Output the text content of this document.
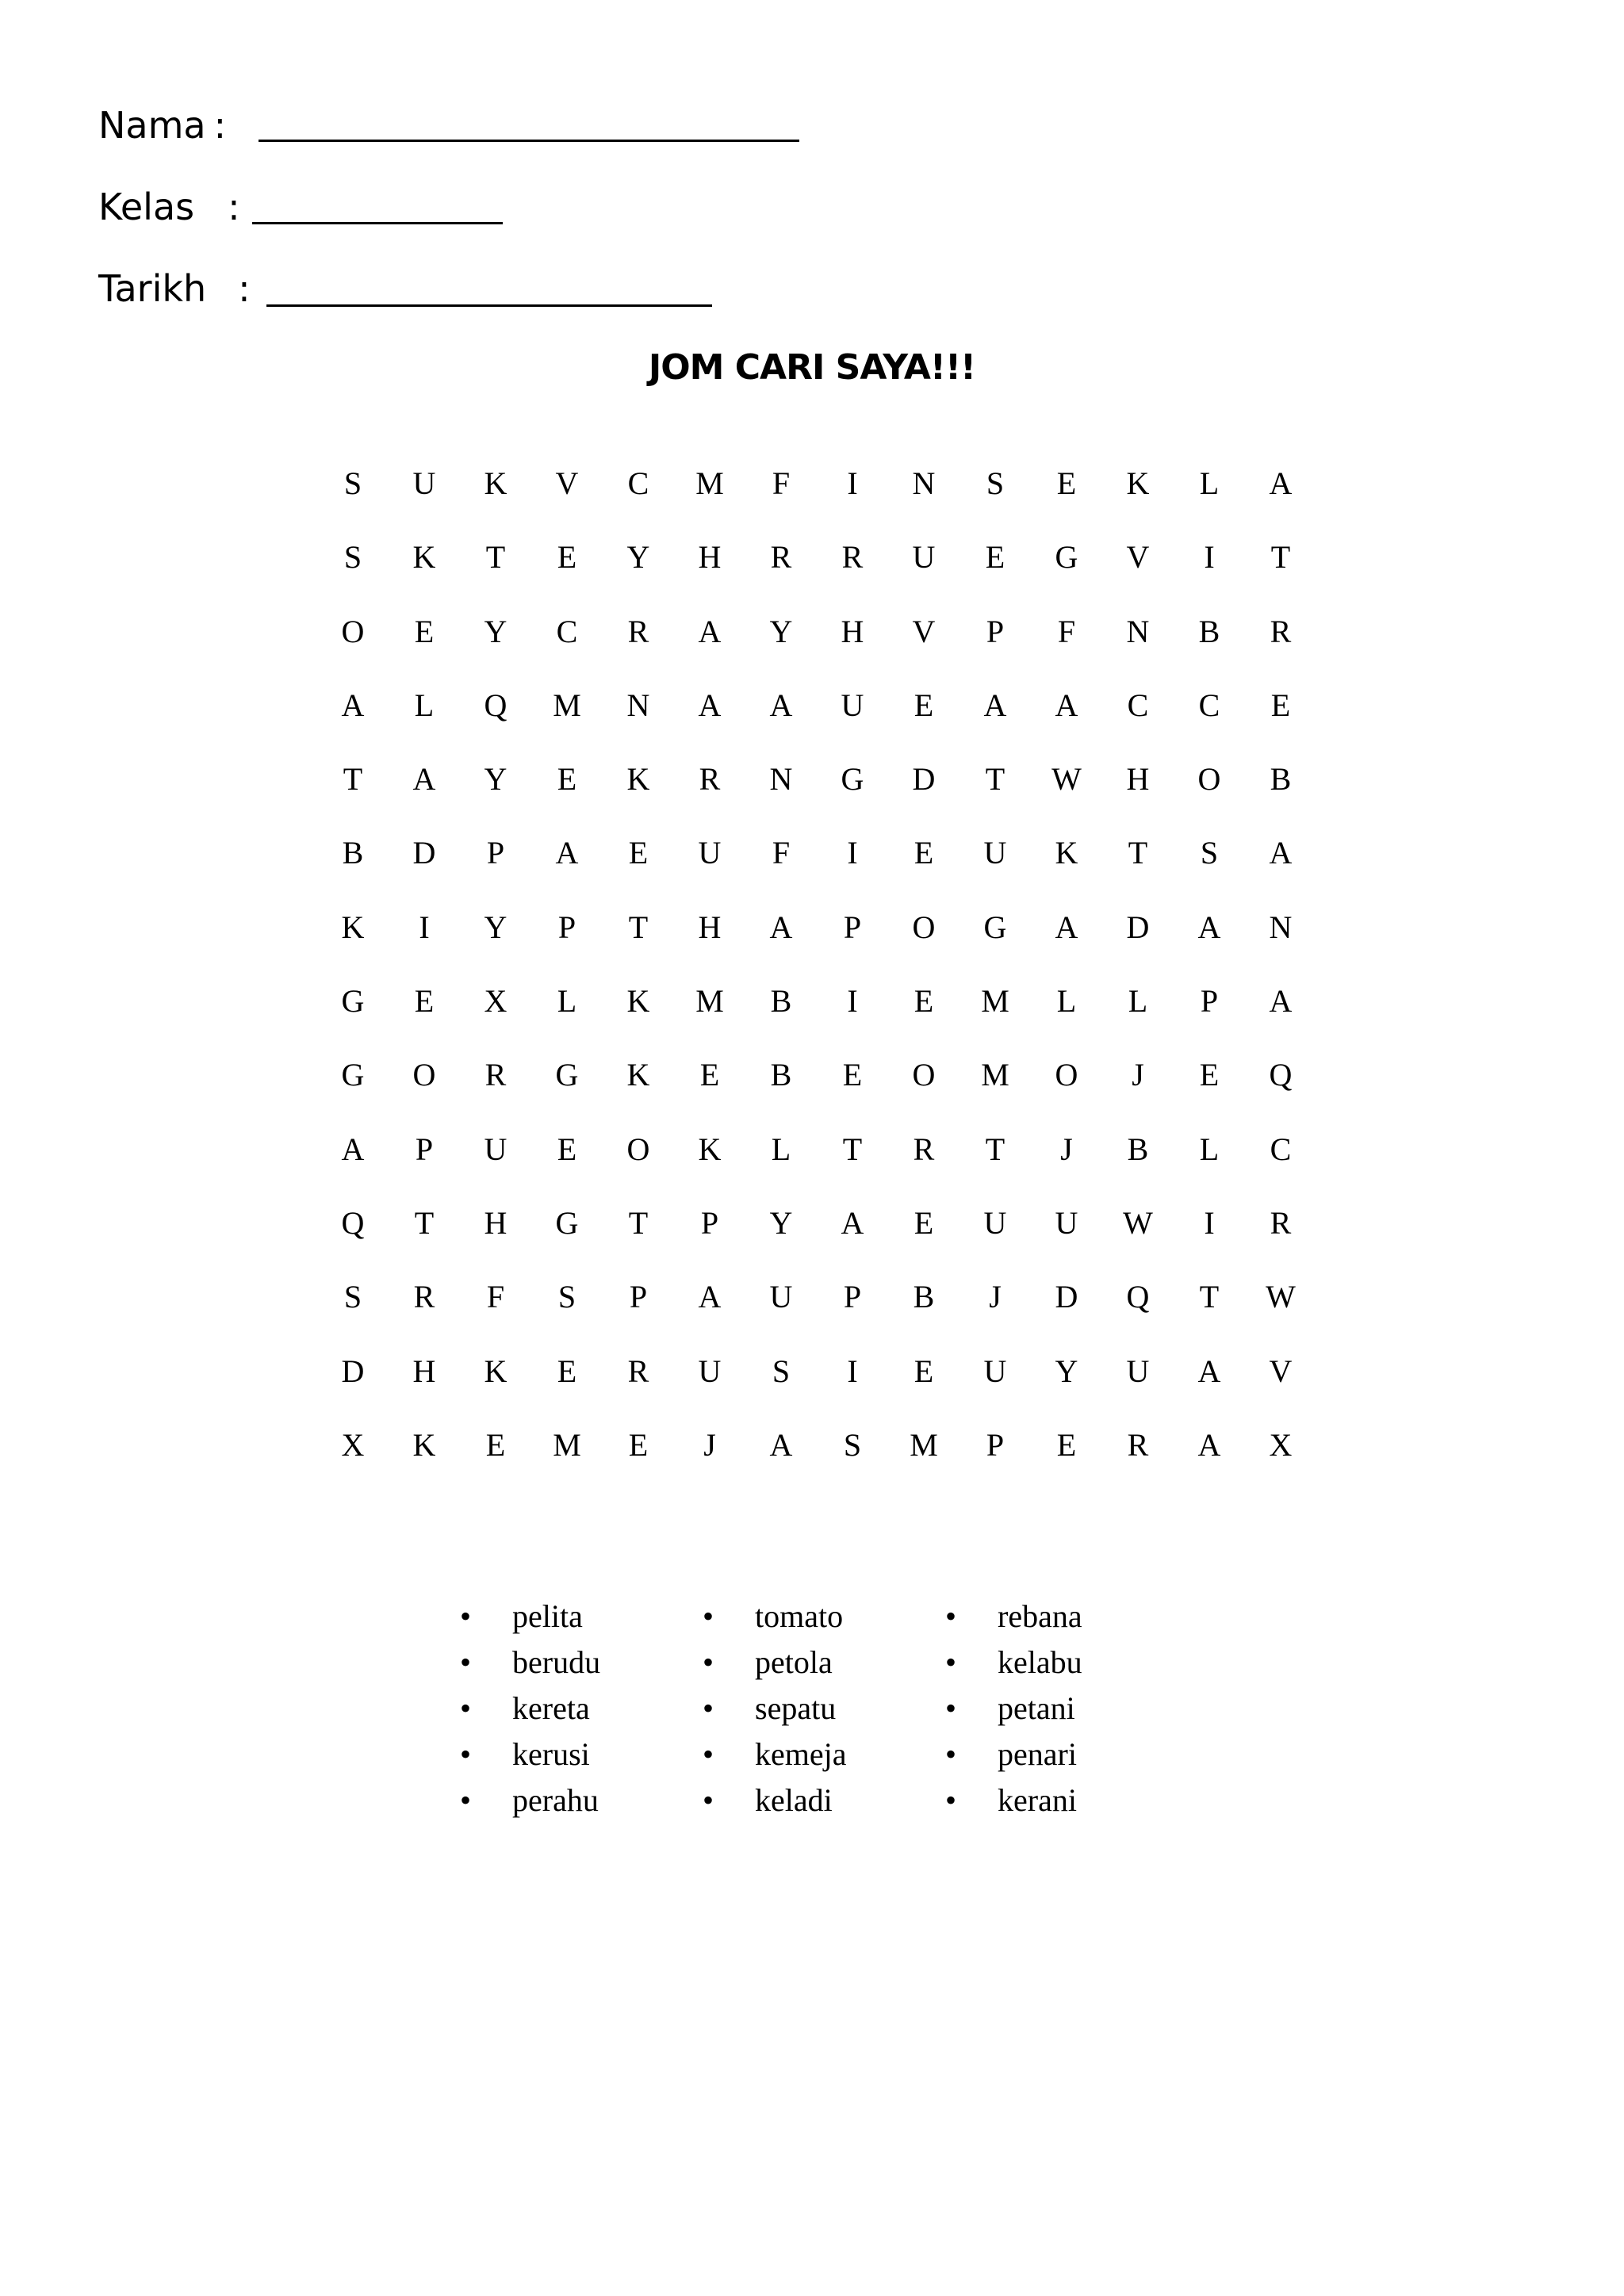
Nama :
Kelas :
Tarikh :
JOM CARI SAYA!!!
S	U	K	V	C	M	F	I	N	S	E	K	L	A
S	K	T	E	Y	H	R	R	U	E	G	V	I	T
O	E	Y	C	R	A	Y	H	V	P	F	N	B	R
A	L	Q	M	N	A	A	U	E	A	A	C	C	E
T	A	Y	E	K	R	N	G	D	T	W	H	O	B
B	D	P	A	E	U	F	I	E	U	K	T	S	A
K	I	Y	P	T	H	A	P	O	G	A	D	A	N
G	E	X	L	K	M	B	I	E	M	L	L	P	A
G	O	R	G	K	E	B	E	O	M	O	J	E	Q
A	P	U	E	O	K	L	T	R	T	J	B	L	C
Q	T	H	G	T	P	Y	A	E	U	U	W	I	R
S	R	F	S	P	A	U	P	B	J	D	Q	T	W
D	H	K	E	R	U	S	I	E	U	Y	U	A	V
X	K	E	M	E	J	A	S	M	P	E	R	A	X
• pelita
• berudu
• kereta
• kerusi
• perahu
• tomato
• petola
• sepatu
• kemeja
• keladi
• rebana
• kelabu
• petani
• penari
• kerani
